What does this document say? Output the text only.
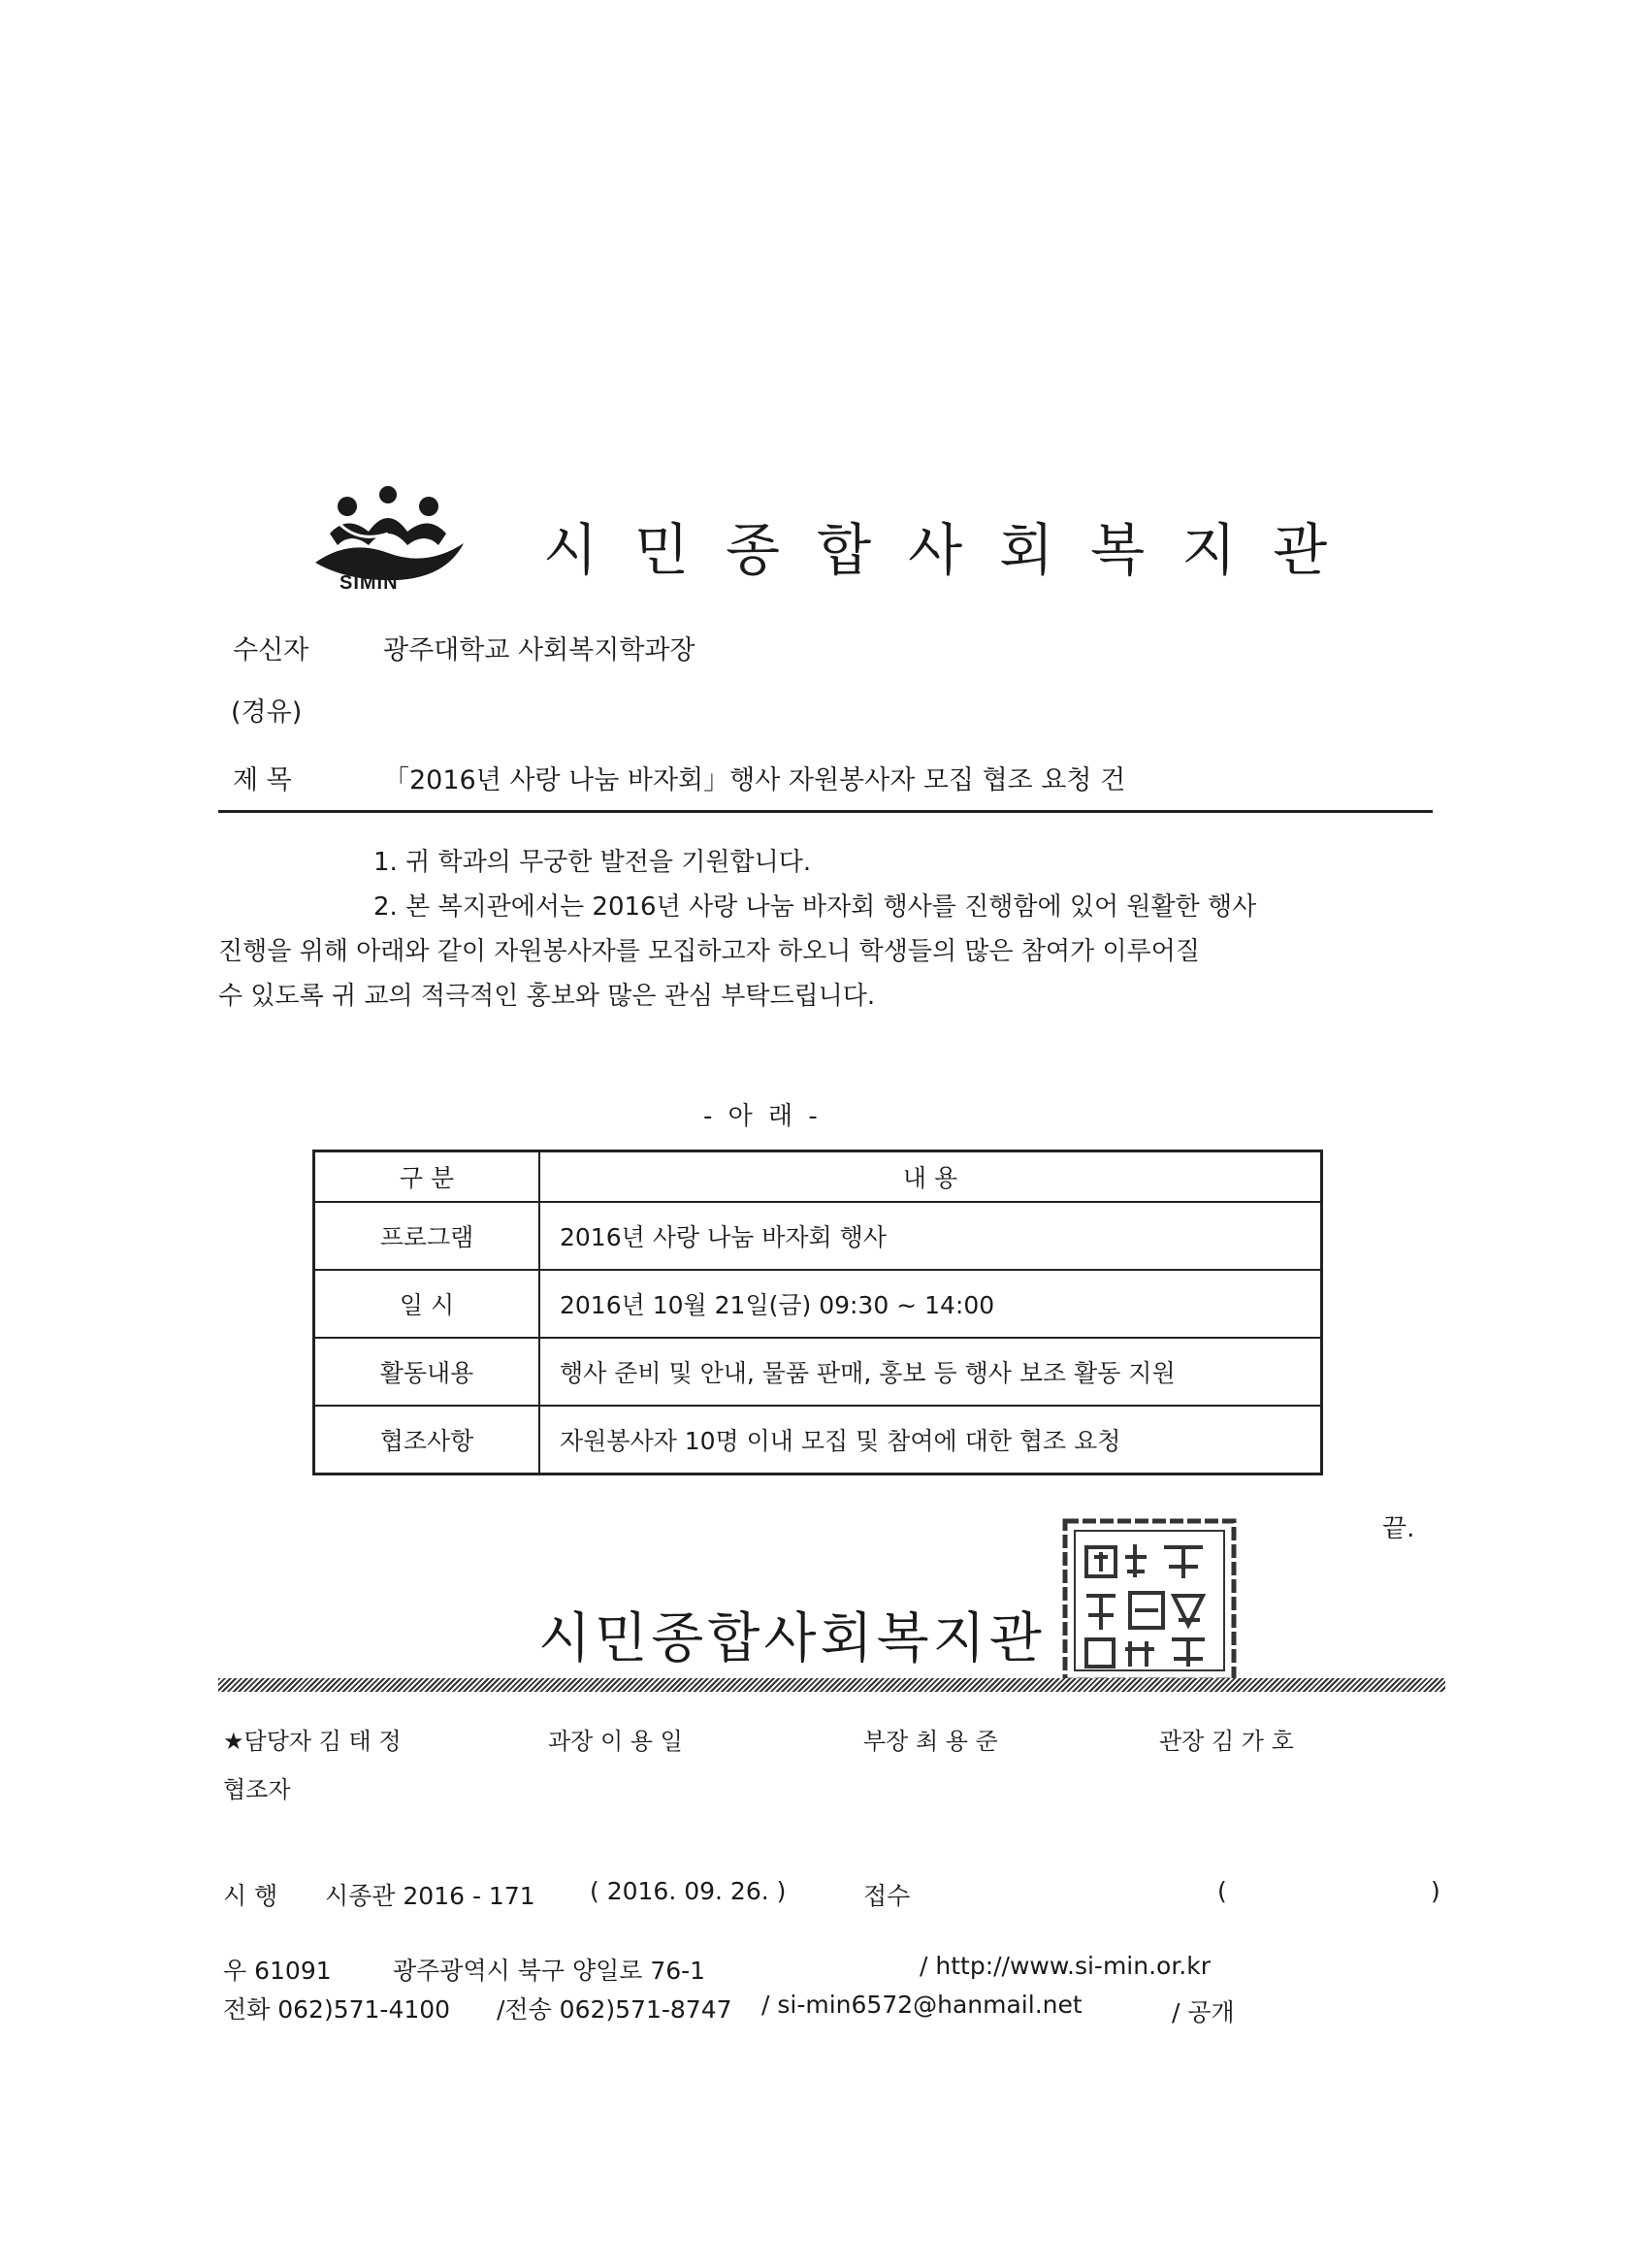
SIMIN	시민종합사회복지관
수신자	광주대학교 사회복지학과장
(경유)
제 목	「2016년 사랑 나눔 바자회」행사 자원봉사자 모집 협조 요청 건

1. 귀 학과의 무궁한 발전을 기원합니다.

2. 본 복지관에서는 2016년 사랑 나눔 바자회 행사를 진행함에 있어 원활한 행사

진행을 위해 아래와 같이 자원봉사자를 모집하고자 하오니 학생들의 많은 참여가 이루어질

수 있도록 귀 교의 적극적인 홍보와 많은 관심 부탁드립니다.

- 아 래 -
구 분	내 용
프로그램	2016년 사랑 나눔 바자회 행사
일 시	2016년 10월 21일(금) 09:30 ~ 14:00
활동내용	행사 준비 및 안내, 물품 판매, 홍보 등 행사 보조 활동 지원
협조사항	자원봉사자 10명 이내 모집 및 참여에 대한 협조 요청
끝.
시민종합사회복지관
★담당자 김 태 정	과장 이 용 일	부장 최 용 준	관장 김 가 호
협조자
시 행 시종관 2016 - 171 ( 2016. 09. 26. )	접수	(	)
우 61091	광주광역시 북구 양일로 76-1	/ http://www.si-min.or.kr
전화 062)571-4100 /전송 062)571-8747 / si-min6572@hanmail.net	/ 공개
